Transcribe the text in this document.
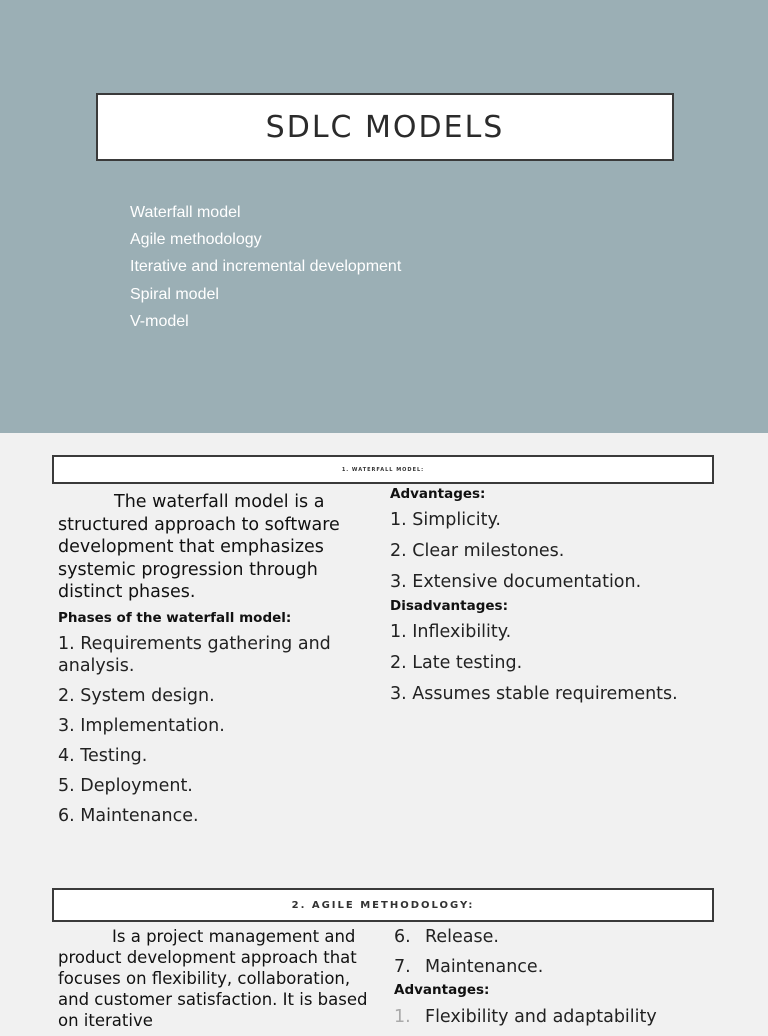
SDLC MODELS
Waterfall model
Agile methodology
Iterative and incremental development
Spiral model
V-model
1. WATERFALL MODEL:
The waterfall model is a structured approach to software development that emphasizes systemic progression through distinct phases.
Phases of the waterfall model:
1. Requirements gathering and analysis.
2. System design.
3. Implementation.
4. Testing.
5. Deployment.
6. Maintenance.
Advantages:
1. Simplicity.
2. Clear milestones.
3. Extensive documentation.
Disadvantages:
1. Inflexibility.
2. Late testing.
3. Assumes stable requirements.
2. AGILE METHODOLOGY:
Is a project management and product development approach that focuses on flexibility, collaboration, and customer satisfaction. It is based on iterative
6. Release.
7. Maintenance.
Advantages:
1. Flexibility and adaptability
